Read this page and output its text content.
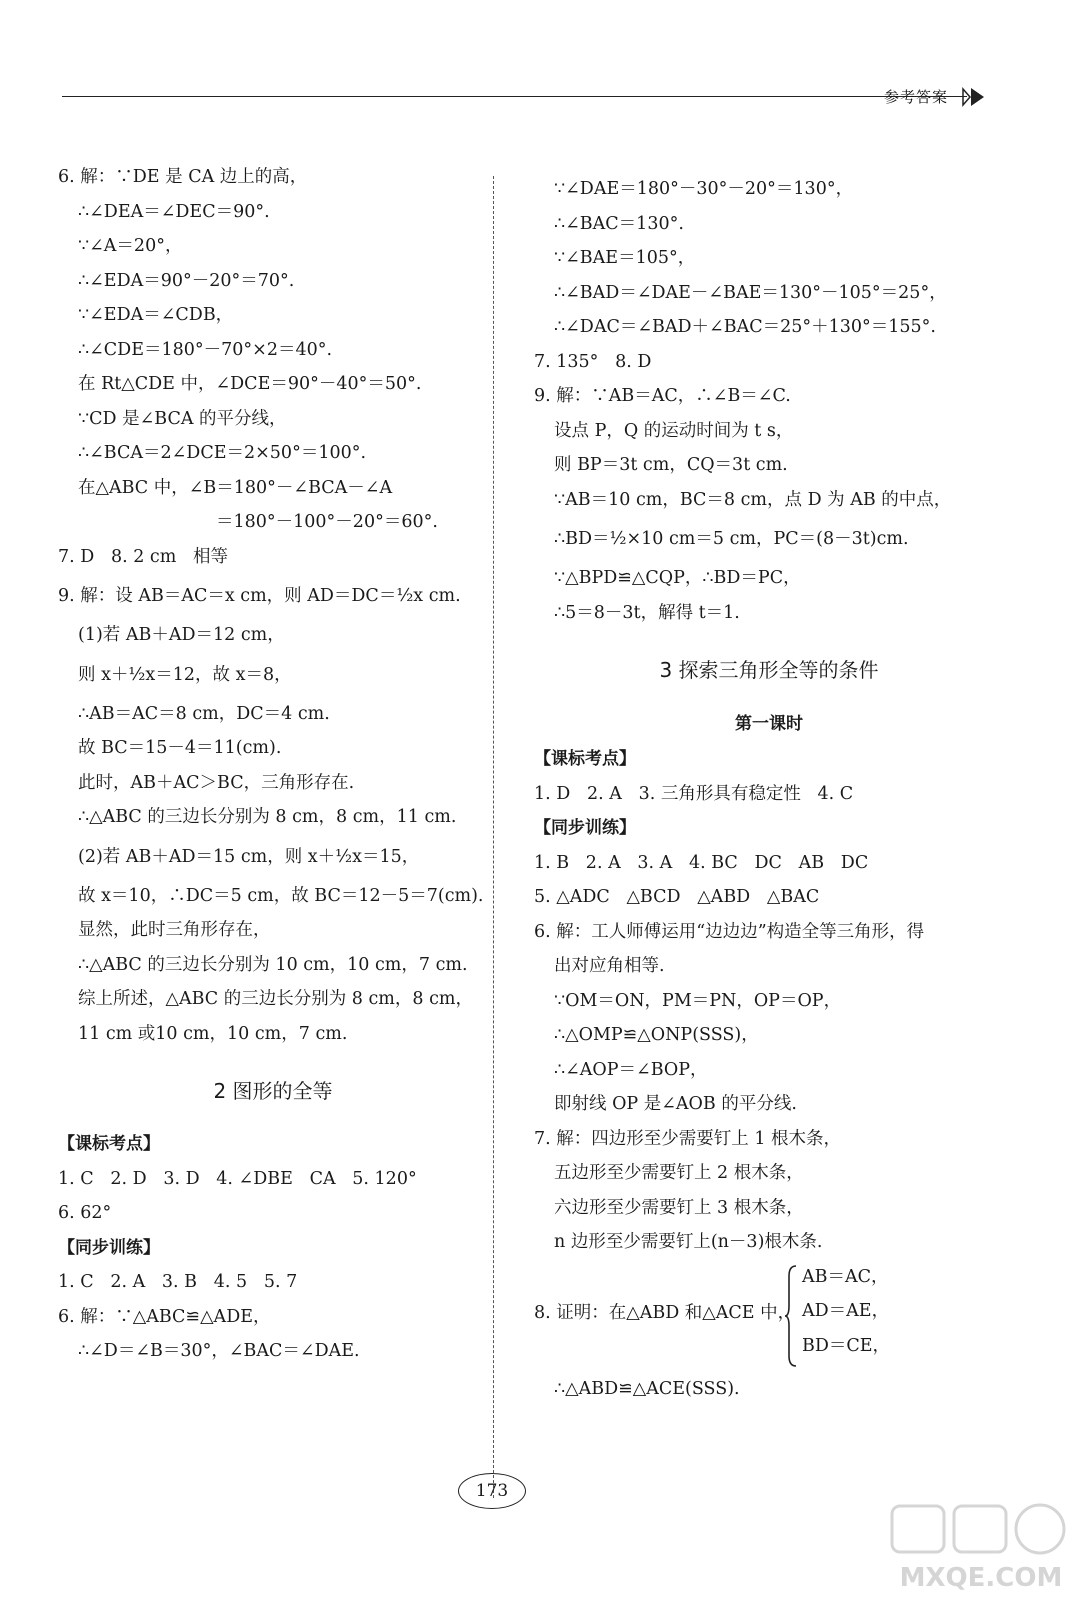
参考答案
6. 解：∵DE 是 CA 边上的高，
∴∠DEA＝∠DEC＝90°.
∵∠A＝20°，
∴∠EDA＝90°－20°＝70°.
∵∠EDA＝∠CDB，
∴∠CDE＝180°－70°×2＝40°.
在 Rt△CDE 中，∠DCE＝90°－40°＝50°.
∵CD 是∠BCA 的平分线，
∴∠BCA＝2∠DCE＝2×50°＝100°.
在△ABC 中，∠B＝180°－∠BCA－∠A
＝180°－100°－20°＝60°.
7. D   8. 2 cm   相等
9. 解：设 AB＝AC＝x cm，则 AD＝DC＝½x cm.
(1)若 AB＋AD＝12 cm，
则 x＋½x＝12，故 x＝8，
∴AB＝AC＝8 cm，DC＝4 cm.
故 BC＝15－4＝11(cm).
此时，AB＋AC＞BC，三角形存在.
∴△ABC 的三边长分别为 8 cm，8 cm，11 cm.
(2)若 AB＋AD＝15 cm，则 x＋½x＝15，
故 x＝10，∴DC＝5 cm，故 BC＝12－5＝7(cm).
显然，此时三角形存在，
∴△ABC 的三边长分别为 10 cm，10 cm，7 cm.
综上所述，△ABC 的三边长分别为 8 cm，8 cm，
11 cm 或10 cm，10 cm，7 cm.
2 图形的全等
【课标考点】
1. C   2. D   3. D   4. ∠DBE   CA   5. 120°
6. 62°
【同步训练】
1. C   2. A   3. B   4. 5   5. 7
6. 解：∵△ABC≌△ADE，
∴∠D＝∠B＝30°，∠BAC＝∠DAE.
∵∠DAE＝180°－30°－20°＝130°，
∴∠BAC＝130°.
∵∠BAE＝105°，
∴∠BAD＝∠DAE－∠BAE＝130°－105°＝25°，
∴∠DAC＝∠BAD＋∠BAC＝25°＋130°＝155°.
7. 135°   8. D
9. 解：∵AB＝AC，∴∠B＝∠C.
设点 P，Q 的运动时间为 t s，
则 BP＝3t cm，CQ＝3t cm.
∵AB＝10 cm，BC＝8 cm，点 D 为 AB 的中点，
∴BD＝½×10 cm＝5 cm，PC＝(8－3t)cm.
∵△BPD≌△CQP，∴BD＝PC，
∴5＝8－3t，解得 t＝1.
3 探索三角形全等的条件
第一课时
【课标考点】
1. D   2. A   3. 三角形具有稳定性   4. C
【同步训练】
1. B   2. A   3. A   4. BC   DC   AB   DC
5. △ADC   △BCD   △ABD   △BAC
6. 解：工人师傅运用“边边边”构造全等三角形，得
出对应角相等.
∵OM＝ON，PM＝PN，OP＝OP，
∴△OMP≌△ONP(SSS)，
∴∠AOP＝∠BOP，
即射线 OP 是∠AOB 的平分线.
7. 解：四边形至少需要钉上 1 根木条，
五边形至少需要钉上 2 根木条，
六边形至少需要钉上 3 根木条，
n 边形至少需要钉上(n－3)根木条.
8. 证明：在△ABD 和△ACE 中，
AB＝AC，
AD＝AE，
BD＝CE，
∴△ABD≌△ACE(SSS).
173
MXQE.COM
